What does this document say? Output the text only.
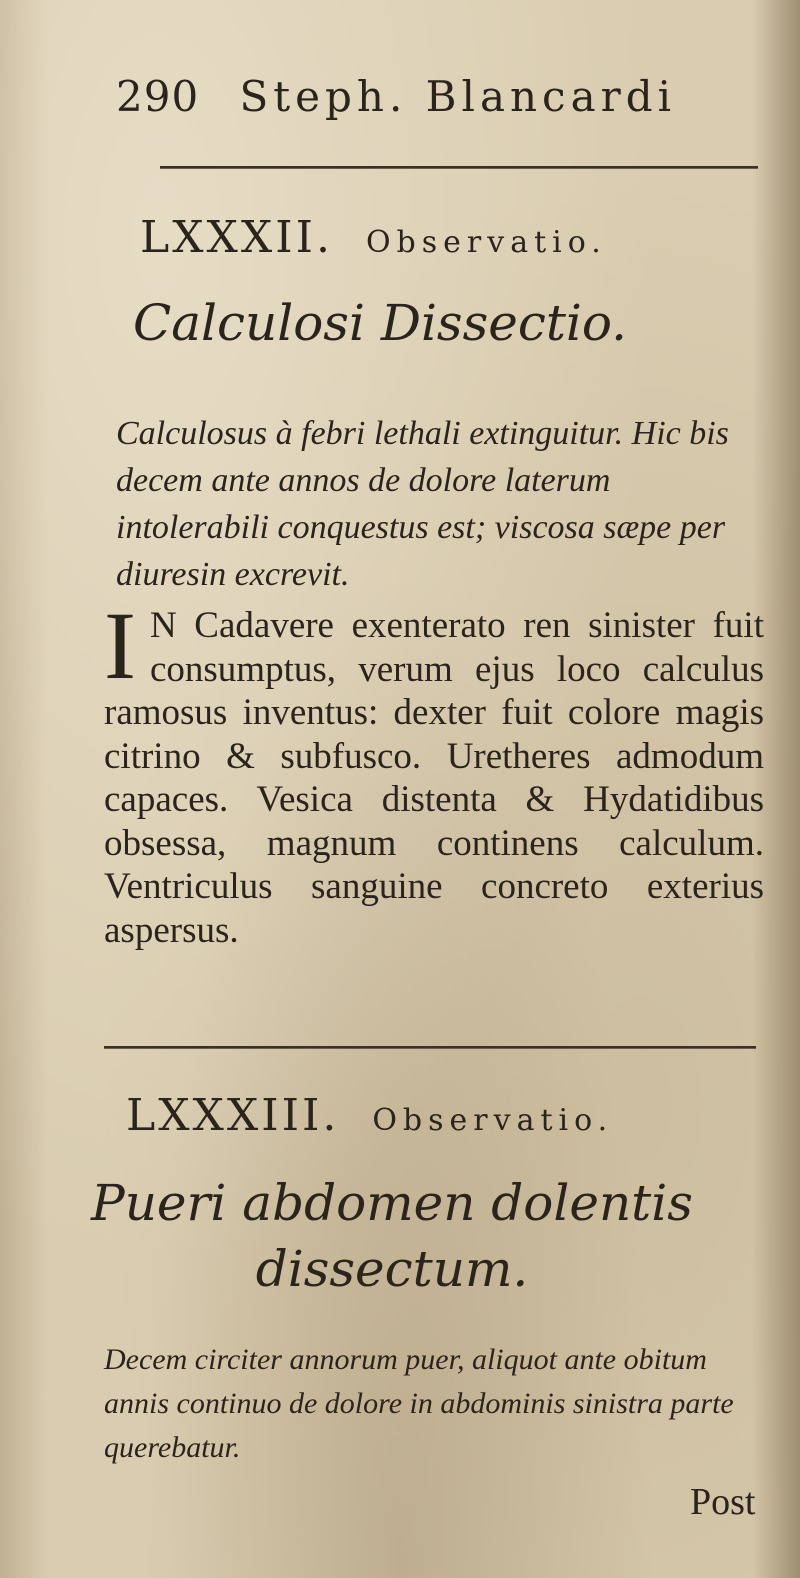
290 Steph. Blancardi
LXXXII. Observatio.
Calculosi Dissectio.
Calculosus à febri lethali extinguitur. Hic bis decem ante annos de dolore laterum intolerabili conquestus est; viscosa sæpe per diuresin excrevit.
I N Cadavere exenterato ren sinister fuit consumptus, verum ejus loco calculus ramosus inventus: dexter fuit colore magis citrino & subfusco. Uretheres admodum capaces. Vesica distenta & Hydatidibus obsessa, magnum continens calculum. Ventriculus sanguine concreto exterius aspersus.
LXXXIII. Observatio.
Pueri abdomen dolentis
dissectum.
Decem circiter annorum puer, aliquot ante obitum annis continuo de dolore in abdominis sinistra parte querebatur.
Post
